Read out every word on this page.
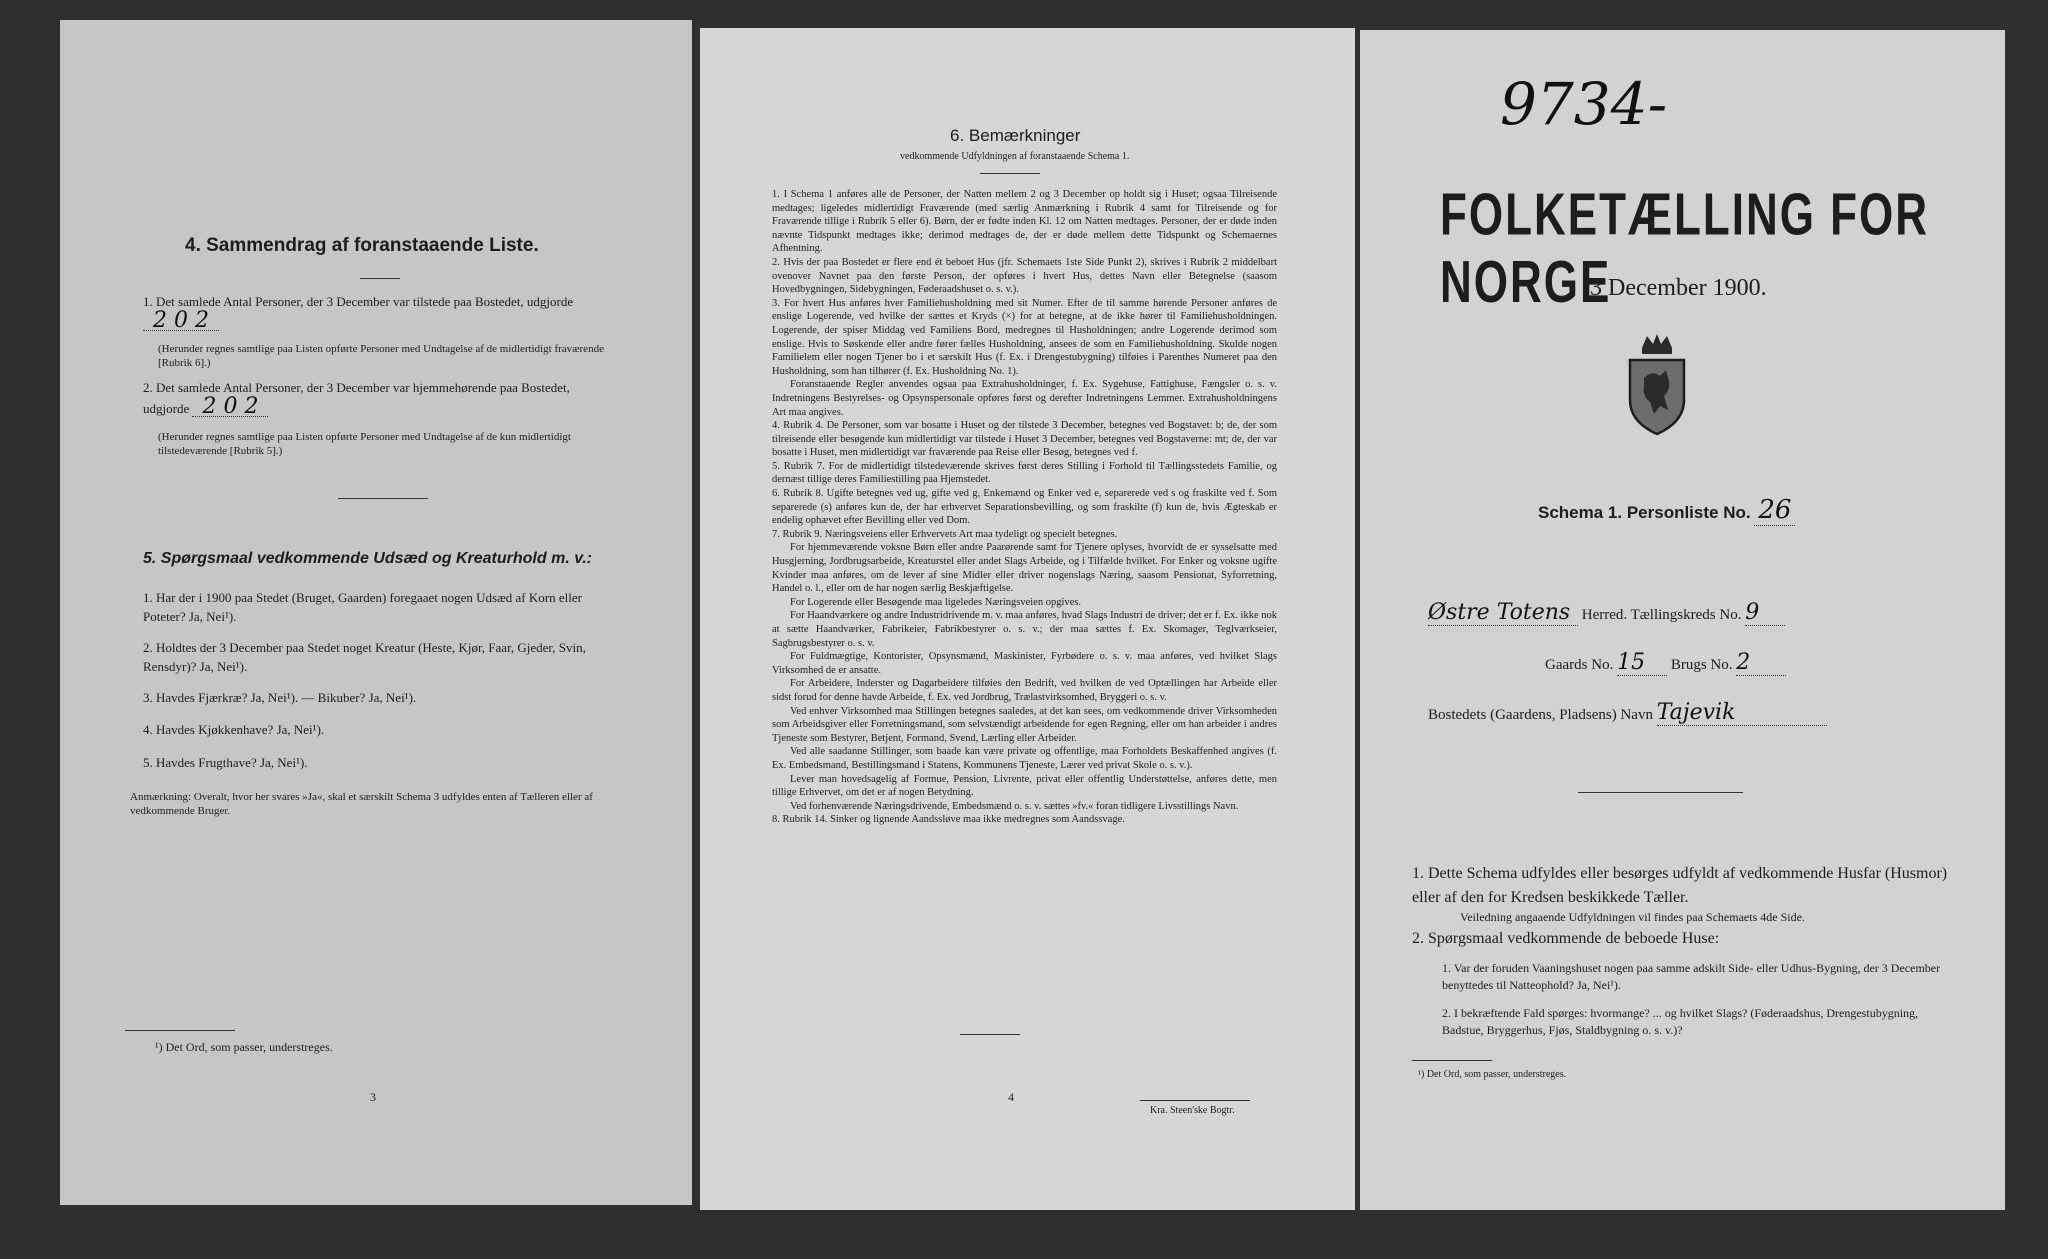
4. Sammendrag af foranstaaende Liste.
1. Det samlede Antal Personer, der 3 December var tilstede paa Bostedet, udgjorde 2 0 2
(Herunder regnes samtlige paa Listen opførte Personer med Undtagelse af de midlertidigt fraværende [Rubrik 6].)
2. Det samlede Antal Personer, der 3 December var hjemmehørende paa Bostedet, udgjorde 2 0 2
(Herunder regnes samtlige paa Listen opførte Personer med Undtagelse af de kun midlertidigt tilstedeværende [Rubrik 5].)
5. Spørgsmaal vedkommende Udsæd og Kreaturhold m. v.:
1. Har der i 1900 paa Stedet (Bruget, Gaarden) foregaaet nogen Udsæd af Korn eller Poteter? Ja, Nei¹).
2. Holdtes der 3 December paa Stedet noget Kreatur (Heste, Kjør, Faar, Gjeder, Svin, Rensdyr)? Ja, Nei¹).
3. Havdes Fjærkræ? Ja, Nei¹). — Bikuber? Ja, Nei¹).
4. Havdes Kjøkkenhave? Ja, Nei¹).
5. Havdes Frugthave? Ja, Nei¹).
Anmærkning: Overalt, hvor her svares »Ja«, skal et særskilt Schema 3 udfyldes enten af Tælleren eller af vedkommende Bruger.
¹) Det Ord, som passer, understreges.
3
6. Bemærkninger
vedkommende Udfyldningen af foranstaaende Schema 1.
1. I Schema 1 anføres alle de Personer, der Natten mellem 2 og 3 December op holdt sig i Huset; ogsaa Tilreisende medtages; ligeledes midlertidigt Fraværende (med særlig Anmærkning i Rubrik 4 samt for Tilreisende og for Fraværende tillige i Rubrik 5 eller 6). Børn, der er fødte inden Kl. 12 om Natten medtages. Personer, der er døde inden nævnte Tidspunkt medtages ikke; derimod medtages de, der er døde mellem dette Tidspunkt og Schemaernes Afhentning.
2. Hvis der paa Bostedet er flere end ét beboet Hus (jfr. Schemaets 1ste Side Punkt 2), skrives i Rubrik 2 middelbart ovenover Navnet paa den første Person, der opføres i hvert Hus, dettes Navn eller Betegnelse (saasom Hovedbygningen, Sidebygningen, Føderaadshuset o. s. v.).
3. For hvert Hus anføres hver Familiehusholdning med sit Numer. Efter de til samme hørende Personer anføres de enslige Logerende, ved hvilke der sættes et Kryds (×) for at betegne, at de ikke hører til Familiehusholdningen. Logerende, der spiser Middag ved Familiens Bord, medregnes til Husholdningen; andre Logerende derimod som enslige. Hvis to Søskende eller andre fører fælles Husholdning, ansees de som en Familiehusholdning. Skulde nogen Familielem eller nogen Tjener bo i et særskilt Hus (f. Ex. i Drengestubygning) tilføies i Parenthes Numeret paa den Husholdning, som han tilhører (f. Ex. Husholdning No. 1).
Foranstaaende Regler anvendes ogsaa paa Extrahusholdninger, f. Ex. Sygehuse, Fattighuse, Fængsler o. s. v. Indretningens Bestyrelses- og Opsynspersonale opføres først og derefter Indretningens Lemmer. Extrahusholdningens Art maa angives.
4. Rubrik 4. De Personer, som var bosatte i Huset og der tilstede 3 December, betegnes ved Bogstavet: b; de, der som tilreisende eller besøgende kun midlertidigt var tilstede i Huset 3 December, betegnes ved Bogstaverne: mt; de, der var bosatte i Huset, men midlertidigt var fraværende paa Reise eller Besøg, betegnes ved f.
5. Rubrik 7. For de midlertidigt tilstedeværende skrives først deres Stilling i Forhold til Tællingsstedets Familie, og dernæst tillige deres Familiestilling paa Hjemstedet.
6. Rubrik 8. Ugifte betegnes ved ug, gifte ved g, Enkemænd og Enker ved e, separerede ved s og fraskilte ved f. Som separerede (s) anføres kun de, der har erhvervet Separationsbevilling, og som fraskilte (f) kun de, hvis Ægteskab er endelig ophævet efter Bevilling eller ved Dom.
7. Rubrik 9. Næringsveiens eller Erhvervets Art maa tydeligt og specielt betegnes.
For hjemmeværende voksne Børn eller andre Paarørende samt for Tjenere oplyses, hvorvidt de er sysselsatte med Husgjerning, Jordbrugsarbeide, Kreaturstel eller andet Slags Arbeide, og i Tilfælde hvilket. For Enker og voksne ugifte Kvinder maa anføres, om de lever af sine Midler eller driver nogenslags Næring, saasom Pensionat, Syforretning, Handel o. l., eller om de har nogen særlig Beskjæftigelse.
For Logerende eller Besøgende maa ligeledes Næringsveien opgives.
For Haandværkere og andre Industridrivende m. v. maa anføres, hvad Slags Industri de driver; det er f. Ex. ikke nok at sætte Haandværker, Fabrikeier, Fabrikbestyrer o. s. v.; der maa sættes f. Ex. Skomager, Teglværkseier, Sagbrugsbestyrer o. s. v.
For Fuldmægtige, Kontorister, Opsynsmænd, Maskinister, Fyrbødere o. s. v. maa anføres, ved hvilket Slags Virksomhed de er ansatte.
For Arbeidere, Inderster og Dagarbeidere tilføies den Bedrift, ved hvilken de ved Optællingen har Arbeide eller sidst forud for denne havde Arbeide, f. Ex. ved Jordbrug, Trælastvirksomhed, Bryggeri o. s. v.
Ved enhver Virksomhed maa Stillingen betegnes saaledes, at det kan sees, om vedkommende driver Virksomheden som Arbeidsgiver eller Forretningsmand, som selvstændigt arbeidende for egen Regning, eller om han arbeider i andres Tjeneste som Bestyrer, Betjent, Formand, Svend, Lærling eller Arbeider.
Ved alle saadanne Stillinger, som baade kan være private og offentlige, maa Forholdets Beskaffenhed angives (f. Ex. Embedsmand, Bestillingsmand i Statens, Kommunens Tjeneste, Lærer ved privat Skole o. s. v.).
Lever man hovedsagelig af Formue, Pension, Livrente, privat eller offentlig Understøttelse, anføres dette, men tillige Erhvervet, om det er af nogen Betydning.
Ved forhenværende Næringsdrivende, Embedsmænd o. s. v. sættes »fv.« foran tidligere Livsstillings Navn.
8. Rubrik 14. Sinker og lignende Aandssløve maa ikke medregnes som Aandssvage.
4
Kra. Steen'ske Bogtr.
9734-
FOLKETÆLLING FOR NORGE
3 December 1900.
Schema 1. Personliste No. 26
Østre Totens Herred. Tællingskreds No. 9
Gaards No. 15 Brugs No. 2
Bostedets (Gaardens, Pladsens) Navn Tajevik
1. Dette Schema udfyldes eller besørges udfyldt af vedkommende Husfar (Husmor) eller af den for Kredsen beskikkede Tæller.
Veiledning angaaende Udfyldningen vil findes paa Schemaets 4de Side.
2. Spørgsmaal vedkommende de beboede Huse:
1. Var der foruden Vaaningshuset nogen paa samme adskilt Side- eller Udhus-Bygning, der 3 December benyttedes til Natteophold? Ja, Nei¹).
2. I bekræftende Fald spørges: hvormange? ... og hvilket Slags? (Føderaadshus, Drengestubygning, Badstue, Bryggerhus, Fjøs, Staldbygning o. s. v.)?
¹) Det Ord, som passer, understreges.
